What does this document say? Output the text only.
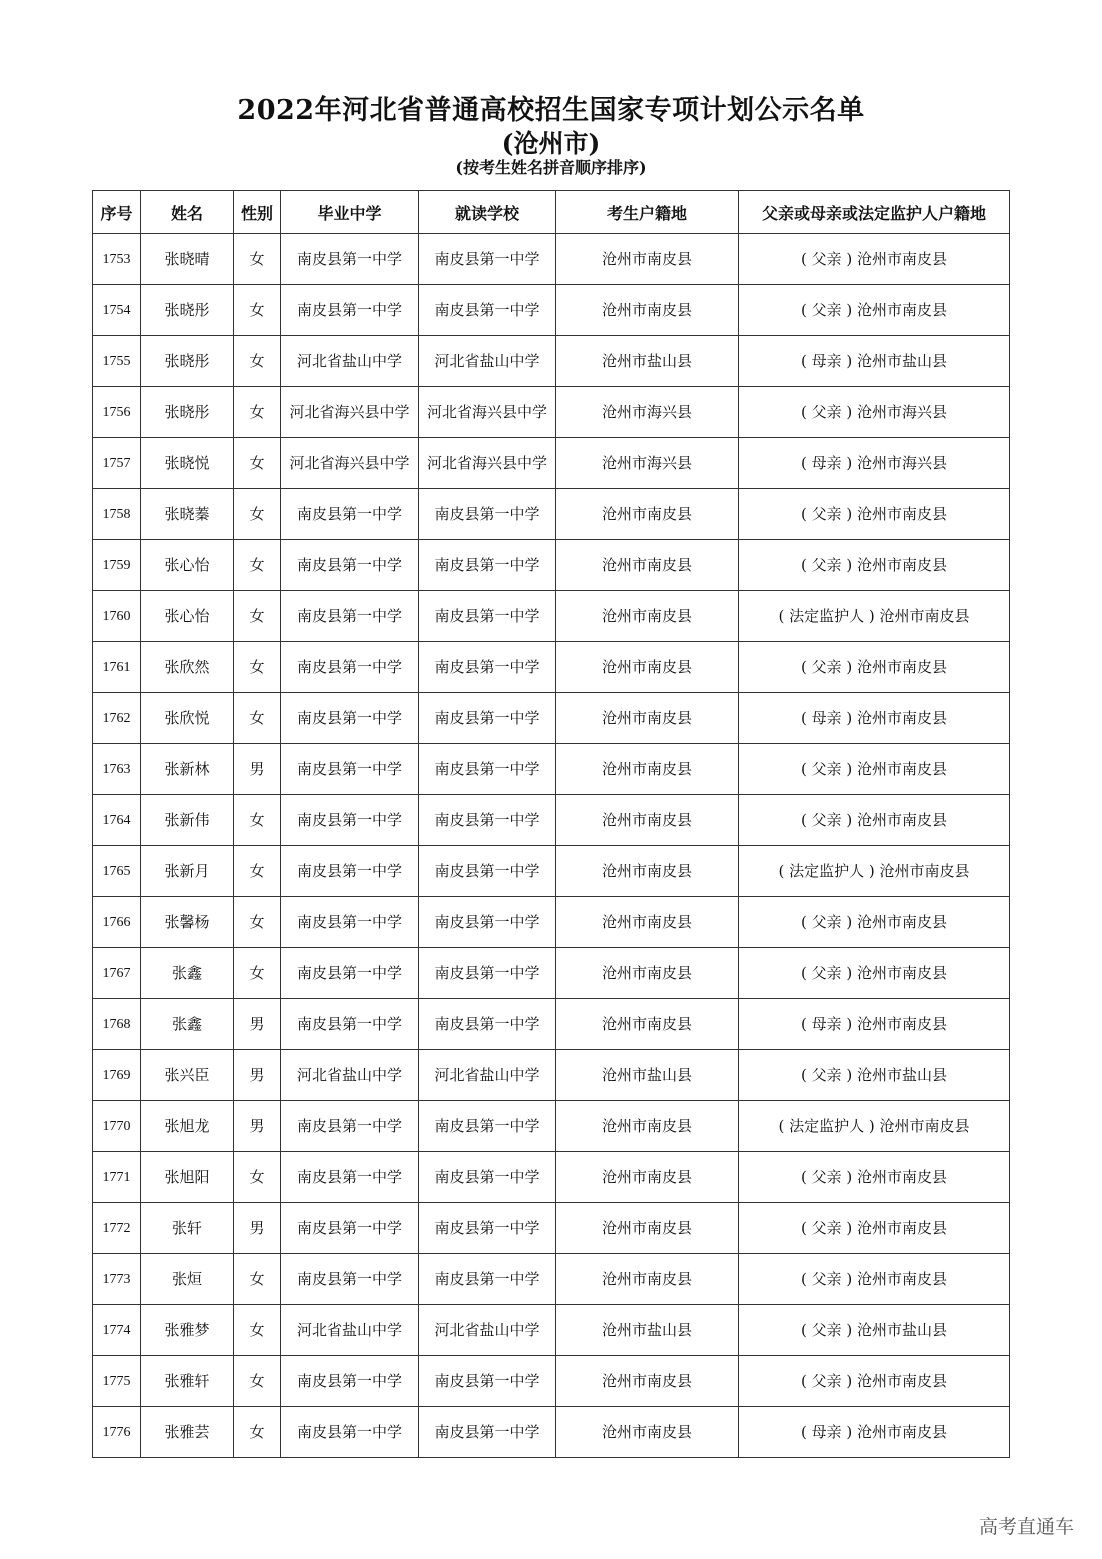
2022年河北省普通高校招生国家专项计划公示名单
(沧州市)
(按考生姓名拼音顺序排序)
序号	姓名	性别	毕业中学	就读学校	考生户籍地	父亲或母亲或法定监护人户籍地
1753	张晓晴	女	南皮县第一中学	南皮县第一中学	沧州市南皮县	( 父亲 ) 沧州市南皮县
1754	张晓彤	女	南皮县第一中学	南皮县第一中学	沧州市南皮县	( 父亲 ) 沧州市南皮县
1755	张晓彤	女	河北省盐山中学	河北省盐山中学	沧州市盐山县	( 母亲 ) 沧州市盐山县
1756	张晓彤	女	河北省海兴县中学	河北省海兴县中学	沧州市海兴县	( 父亲 ) 沧州市海兴县
1757	张晓悦	女	河北省海兴县中学	河北省海兴县中学	沧州市海兴县	( 母亲 ) 沧州市海兴县
1758	张晓蓁	女	南皮县第一中学	南皮县第一中学	沧州市南皮县	( 父亲 ) 沧州市南皮县
1759	张心怡	女	南皮县第一中学	南皮县第一中学	沧州市南皮县	( 父亲 ) 沧州市南皮县
1760	张心怡	女	南皮县第一中学	南皮县第一中学	沧州市南皮县	( 法定监护人 ) 沧州市南皮县
1761	张欣然	女	南皮县第一中学	南皮县第一中学	沧州市南皮县	( 父亲 ) 沧州市南皮县
1762	张欣悦	女	南皮县第一中学	南皮县第一中学	沧州市南皮县	( 母亲 ) 沧州市南皮县
1763	张新林	男	南皮县第一中学	南皮县第一中学	沧州市南皮县	( 父亲 ) 沧州市南皮县
1764	张新伟	女	南皮县第一中学	南皮县第一中学	沧州市南皮县	( 父亲 ) 沧州市南皮县
1765	张新月	女	南皮县第一中学	南皮县第一中学	沧州市南皮县	( 法定监护人 ) 沧州市南皮县
1766	张馨杨	女	南皮县第一中学	南皮县第一中学	沧州市南皮县	( 父亲 ) 沧州市南皮县
1767	张鑫	女	南皮县第一中学	南皮县第一中学	沧州市南皮县	( 父亲 ) 沧州市南皮县
1768	张鑫	男	南皮县第一中学	南皮县第一中学	沧州市南皮县	( 母亲 ) 沧州市南皮县
1769	张兴臣	男	河北省盐山中学	河北省盐山中学	沧州市盐山县	( 父亲 ) 沧州市盐山县
1770	张旭龙	男	南皮县第一中学	南皮县第一中学	沧州市南皮县	( 法定监护人 ) 沧州市南皮县
1771	张旭阳	女	南皮县第一中学	南皮县第一中学	沧州市南皮县	( 父亲 ) 沧州市南皮县
1772	张轩	男	南皮县第一中学	南皮县第一中学	沧州市南皮县	( 父亲 ) 沧州市南皮县
1773	张烜	女	南皮县第一中学	南皮县第一中学	沧州市南皮县	( 父亲 ) 沧州市南皮县
1774	张雅梦	女	河北省盐山中学	河北省盐山中学	沧州市盐山县	( 父亲 ) 沧州市盐山县
1775	张雅轩	女	南皮县第一中学	南皮县第一中学	沧州市南皮县	( 父亲 ) 沧州市南皮县
1776	张雅芸	女	南皮县第一中学	南皮县第一中学	沧州市南皮县	( 母亲 ) 沧州市南皮县
高考直通车
